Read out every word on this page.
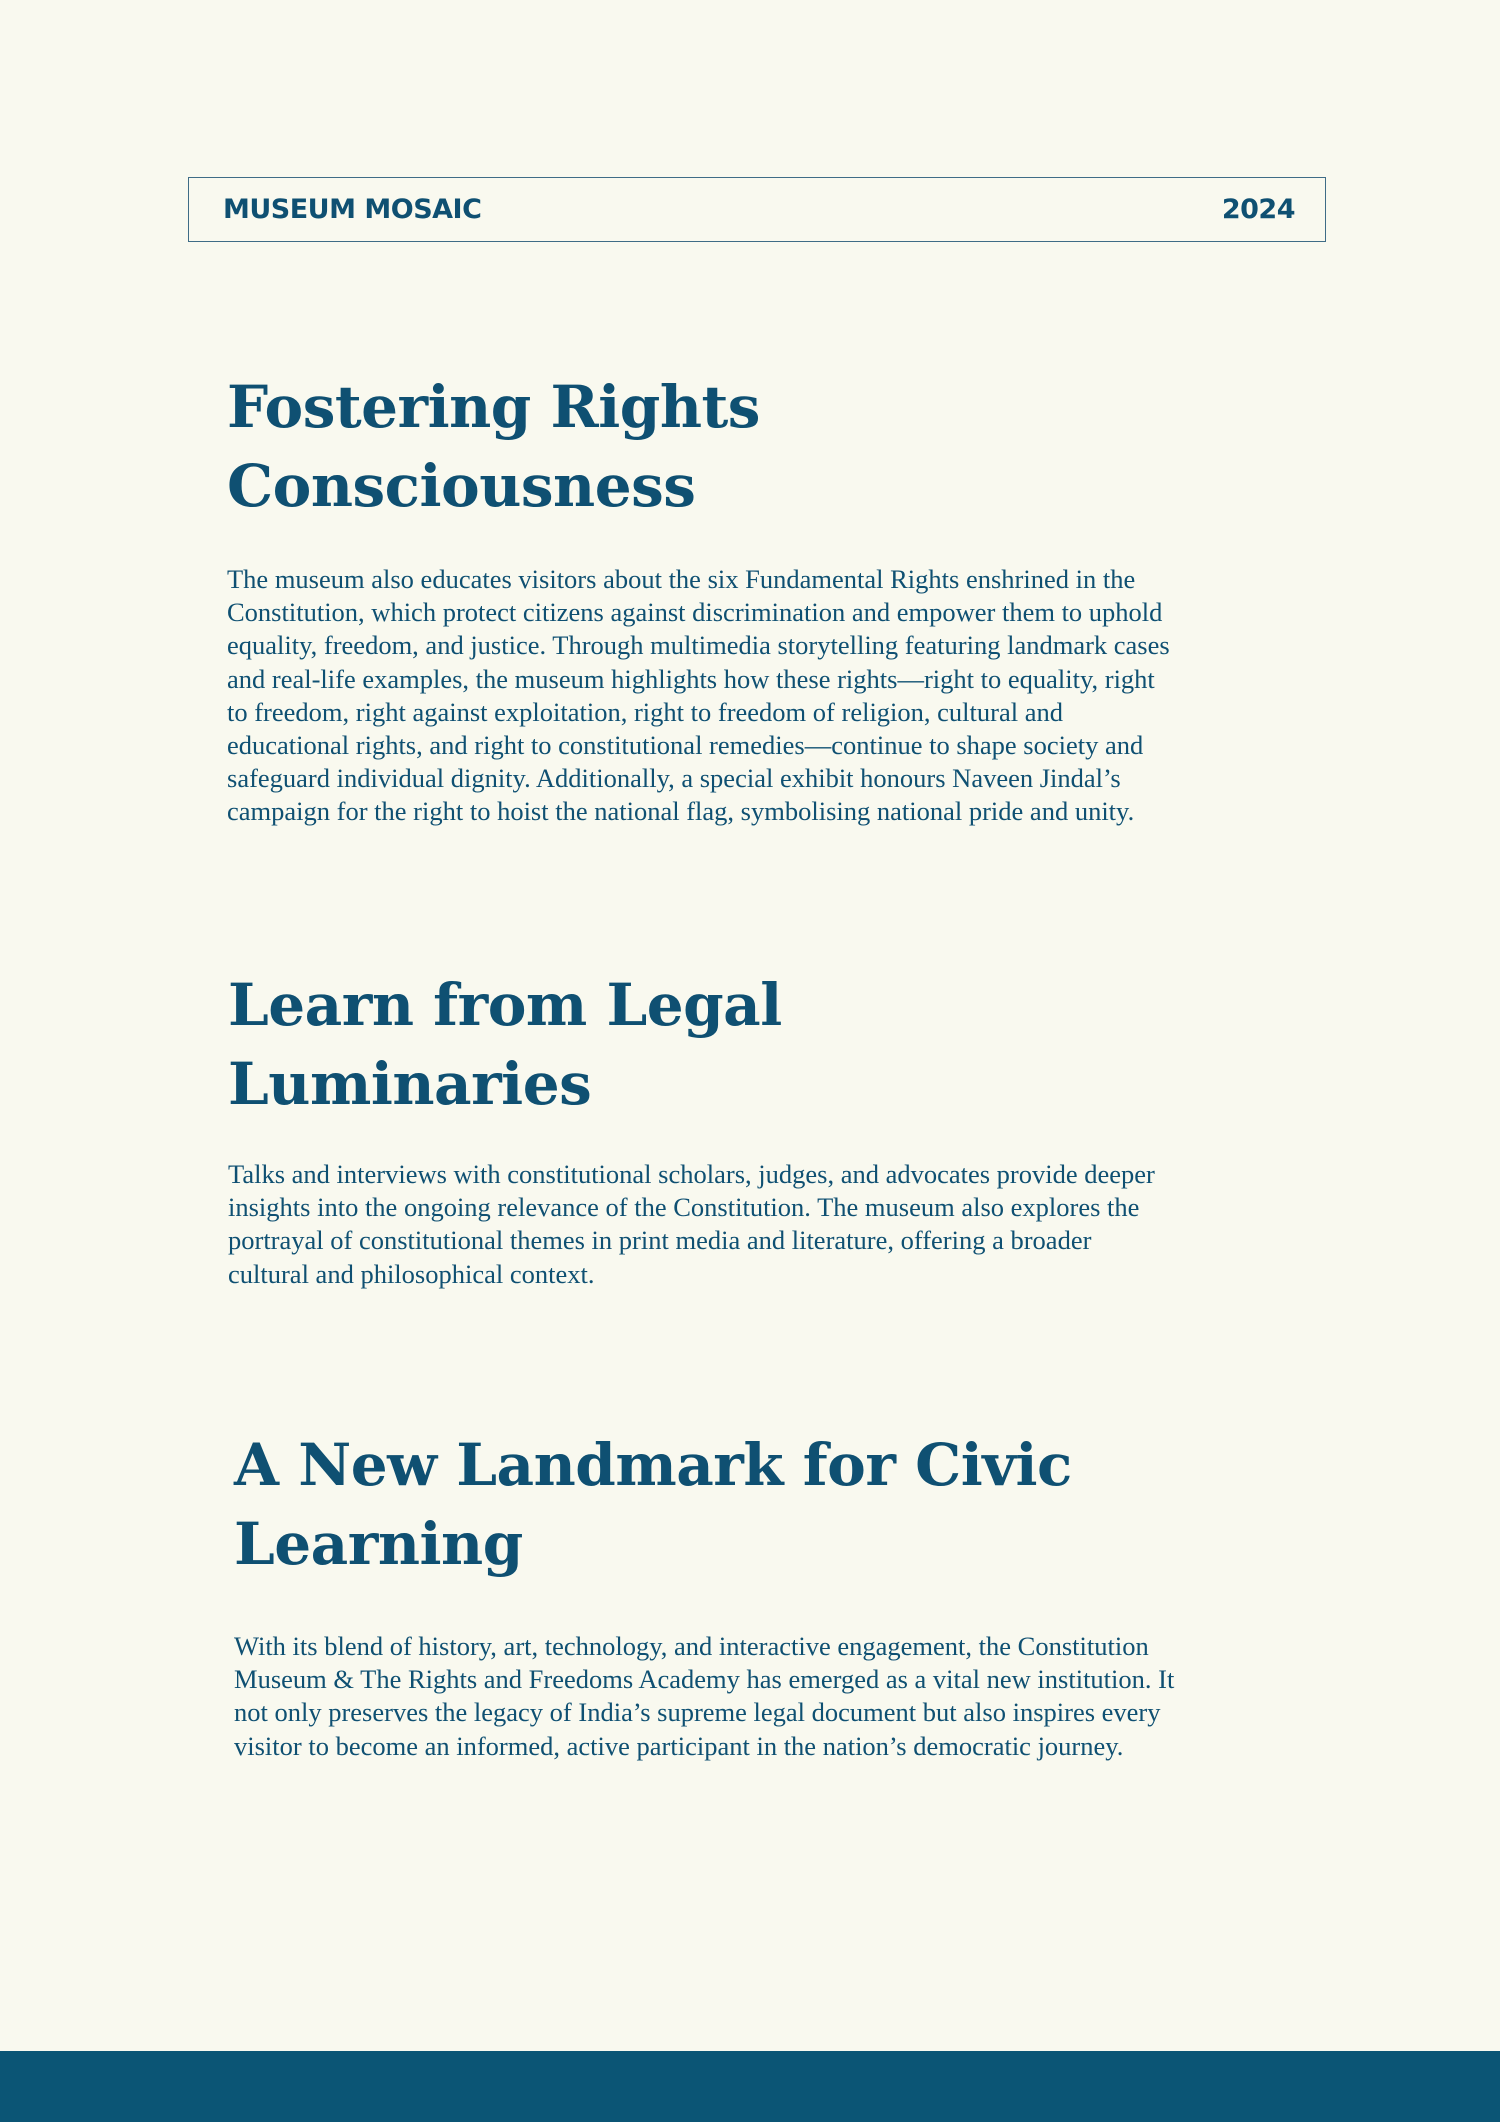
MUSEUM MOSAIC	2024
Fostering Rights
Consciousness

The museum also educates visitors about the six Fundamental Rights enshrined in the Constitution, which protect citizens against discrimination and empower them to uphold equality, freedom, and justice. Through multimedia storytelling featuring landmark cases and real-life examples, the museum highlights how these rights—right to equality, right to freedom, right against exploitation, right to freedom of religion, cultural and educational rights, and right to constitutional remedies—continue to shape society and safeguard individual dignity. Additionally, a special exhibit honours Naveen Jindal’s campaign for the right to hoist the national flag, symbolising national pride and unity.

Learn from Legal
Luminaries

Talks and interviews with constitutional scholars, judges, and advocates provide deeper insights into the ongoing relevance of the Constitution. The museum also explores the portrayal of constitutional themes in print media and literature, offering a broader cultural and philosophical context.

A New Landmark for Civic
Learning

With its blend of history, art, technology, and interactive engagement, the Constitution Museum & The Rights and Freedoms Academy has emerged as a vital new institution. It not only preserves the legacy of India’s supreme legal document but also inspires every visitor to become an informed, active participant in the nation’s democratic journey.
